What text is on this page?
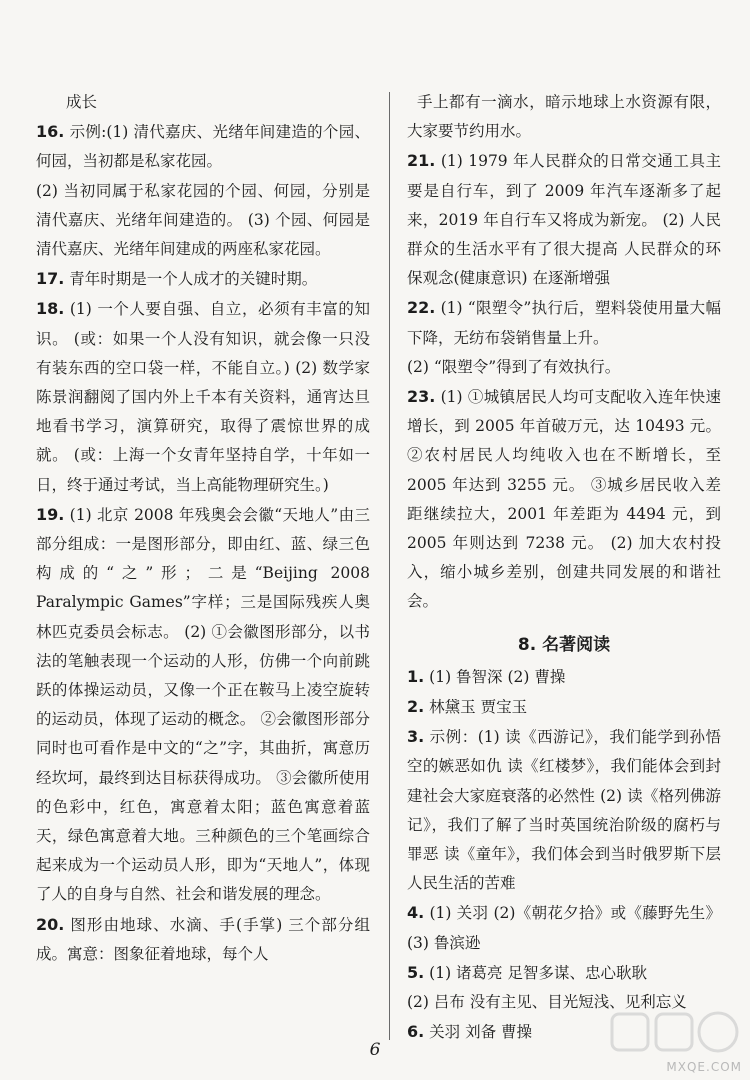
成长

16. 示例:(1) 清代嘉庆、光绪年间建造的个园、何园，当初都是私家花园。
(2) 当初同属于私家花园的个园、何园，分别是清代嘉庆、光绪年间建造的。 (3) 个园、何园是清代嘉庆、光绪年间建成的两座私家花园。

17. 青年时期是一个人成才的关键时期。

18. (1) 一个人要自强、自立，必须有丰富的知识。 (或：如果一个人没有知识，就会像一只没有装东西的空口袋一样，不能自立。) (2) 数学家陈景润翻阅了国内外上千本有关资料，通宵达旦地看书学习，演算研究，取得了震惊世界的成就。 (或：上海一个女青年坚持自学，十年如一日，终于通过考试，当上高能物理研究生。)

19. (1) 北京 2008 年残奥会会徽“天地人”由三部分组成：一是图形部分，即由红、蓝、绿三色构成的“之”形；二是“Beijing 2008 Paralympic Games”字样；三是国际残疾人奥林匹克委员会标志。 (2) ①会徽图形部分，以书法的笔触表现一个运动的人形，仿佛一个向前跳跃的体操运动员，又像一个正在鞍马上凌空旋转的运动员，体现了运动的概念。 ②会徽图形部分同时也可看作是中文的“之”字，其曲折，寓意历经坎坷，最终到达目标获得成功。 ③会徽所使用的色彩中，红色，寓意着太阳；蓝色寓意着蓝天，绿色寓意着大地。三种颜色的三个笔画综合起来成为一个运动员人形，即为“天地人”，体现了人的自身与自然、社会和谐发展的理念。

20. 图形由地球、水滴、手(手掌) 三个部分组成。寓意：图象征着地球，每个人

手上都有一滴水，暗示地球上水资源有限，大家要节约用水。

21. (1) 1979 年人民群众的日常交通工具主要是自行车，到了 2009 年汽车逐渐多了起来，2019 年自行车又将成为新宠。 (2) 人民群众的生活水平有了很大提高 人民群众的环保观念(健康意识) 在逐渐增强

22. (1) “限塑令”执行后，塑料袋使用量大幅下降，无纺布袋销售量上升。
(2) “限塑令”得到了有效执行。

23. (1) ①城镇居民人均可支配收入连年快速增长，到 2005 年首破万元，达 10493 元。 ②农村居民人均纯收入也在不断增长，至 2005 年达到 3255 元。 ③城乡居民收入差距继续拉大，2001 年差距为 4494 元，到 2005 年则达到 7238 元。 (2) 加大农村投入，缩小城乡差别，创建共同发展的和谐社会。

8. 名著阅读

1. (1) 鲁智深 (2) 曹操

2. 林黛玉 贾宝玉

3. 示例：(1) 读《西游记》，我们能学到孙悟空的嫉恶如仇 读《红楼梦》，我们能体会到封建社会大家庭衰落的必然性 (2) 读《格列佛游记》，我们了解了当时英国统治阶级的腐朽与罪恶 读《童年》，我们体会到当时俄罗斯下层人民生活的苦难

4. (1) 关羽 (2)《朝花夕拾》或《藤野先生》 (3) 鲁滨逊

5. (1) 诸葛亮 足智多谋、忠心耿耿
(2) 吕布 没有主见、目光短浅、见利忘义

6. 关羽 刘备 曹操

6
MXQE.COM
